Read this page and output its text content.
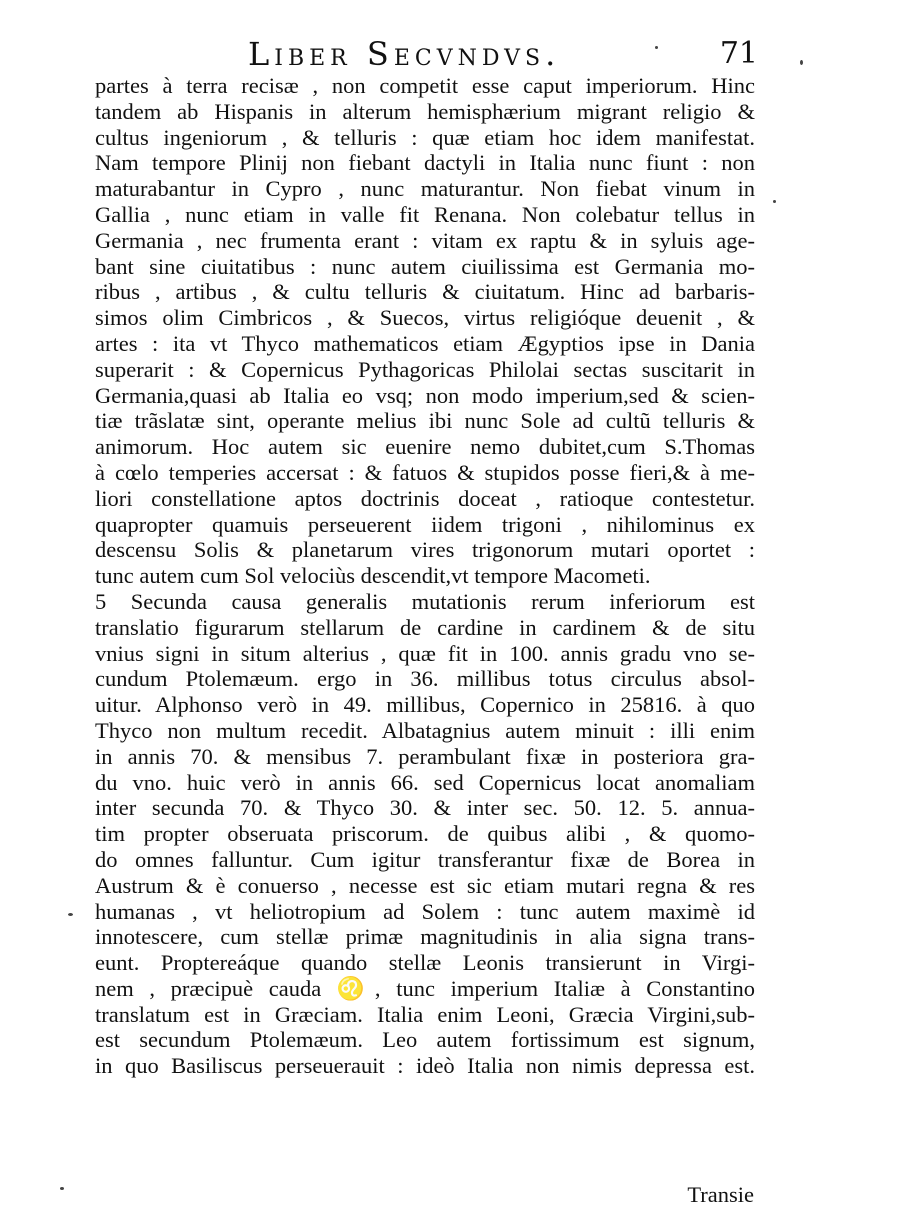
Liber Secvndvs.	71
partes à terra recisæ , non competit esse caput imperiorum. Hinc
tandem ab Hispanis in alterum hemisphærium migrant religio &
cultus ingeniorum , & telluris : quæ etiam hoc idem manifestat.
Nam tempore Plinij non fiebant dactyli in Italia nunc fiunt : non
maturabantur in Cypro , nunc maturantur. Non fiebat vinum in
Gallia , nunc etiam in valle fit Renana. Non colebatur tellus in
Germania , nec frumenta erant : vitam ex raptu & in syluis age-
bant sine ciuitatibus : nunc autem ciuilissima est Germania mo-
ribus , artibus , & cultu telluris & ciuitatum. Hinc ad barbaris-
simos olim Cimbricos , & Suecos, virtus religióque deuenit , &
artes : ita vt Thyco mathematicos etiam Ægyptios ipse in Dania
superarit : & Copernicus Pythagoricas Philolai sectas suscitarit in
Germania,quasi ab Italia eo vsq; non modo imperium,sed & scien-
tiæ trãslatæ sint, operante melius ibi nunc Sole ad cultũ telluris &
animorum. Hoc autem sic euenire nemo dubitet,cum S.Thomas
à cœlo temperies accersat : & fatuos & stupidos posse fieri,& à me-
liori constellatione aptos doctrinis doceat , ratioque contestetur.
quapropter quamuis perseuerent iidem trigoni , nihilominus ex
descensu Solis & planetarum vires trigonorum mutari oportet :
tunc autem cum Sol velociùs descendit,vt tempore Macometi.
5 Secunda causa generalis mutationis rerum inferiorum est
translatio figurarum stellarum de cardine in cardinem & de situ
vnius signi in situm alterius , quæ fit in 100. annis gradu vno se-
cundum Ptolemæum. ergo in 36. millibus totus circulus absol-
uitur. Alphonso verò in 49. millibus, Copernico in 25816. à quo
Thyco non multum recedit. Albatagnius autem minuit : illi enim
in annis 70. & mensibus 7. perambulant fixæ in posteriora gra-
du vno. huic verò in annis 66. sed Copernicus locat anomaliam
inter secunda 70. & Thyco 30. & inter sec. 50. 12. 5. annua-
tim propter obseruata priscorum. de quibus alibi , & quomo-
do omnes falluntur. Cum igitur transferantur fixæ de Borea in
Austrum & è conuerso , necesse est sic etiam mutari regna & res
humanas , vt heliotropium ad Solem : tunc autem maximè id
innotescere, cum stellæ primæ magnitudinis in alia signa trans-
eunt. Proptereáque quando stellæ Leonis transierunt in Virgi-
nem , præcipuè cauda ♌, tunc imperium Italiæ à Constantino
translatum est in Græciam. Italia enim Leoni, Græcia Virgini,sub-
est secundum Ptolemæum. Leo autem fortissimum est signum,
in quo Basiliscus perseuerauit : ideò Italia non nimis depressa est.
Transie
